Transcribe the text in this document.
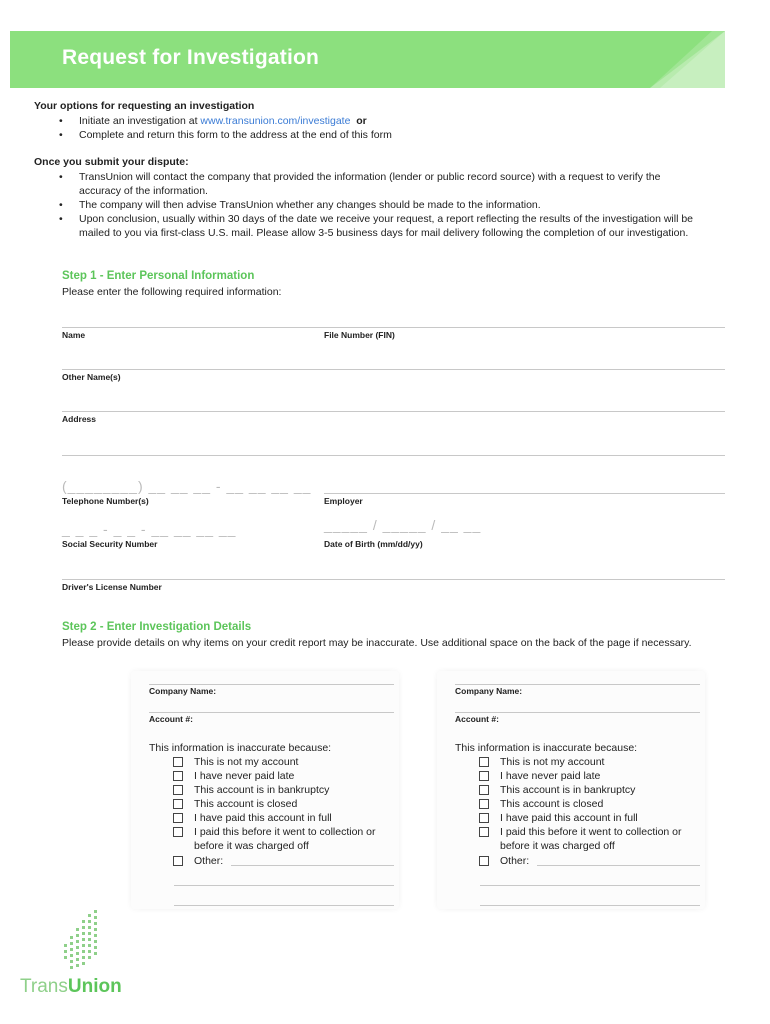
Request for Investigation
Your options for requesting an investigation
• Initiate an investigation at www.transunion.com/investigate or
• Complete and return this form to the address at the end of this form
Once you submit your dispute:
• TransUnion will contact the company that provided the information (lender or public record source) with a request to verify the
accuracy of the information.
• The company will then advise TransUnion whether any changes should be made to the information.
• Upon conclusion, usually within 30 days of the date we receive your request, a report reflecting the results of the investigation will be
mailed to you via first-class U.S. mail. Please allow 3-5 business days for mail delivery following the completion of our investigation.
Step 1 - Enter Personal Information
Please enter the following required information:
Name	File Number (FIN)
Other Name(s)
Address
(________) __ __ __ - __ __ __ __
Telephone Number(s)	Employer
_ _ _ - _ _ - __ __ __ __	_____ / _____ / __ __
Social Security Number	Date of Birth (mm/dd/yy)
Driver's License Number
Step 2 - Enter Investigation Details
Please provide details on why items on your credit report may be inaccurate. Use additional space on the back of the page if necessary.
Company Name:
Account #:
This information is inaccurate because:
This is not my account
I have never paid late
This account is in bankruptcy
This account is closed
I have paid this account in full
I paid this before it went to collection or
before it was charged off
Other:
Company Name:
Account #:
This information is inaccurate because:
This is not my account
I have never paid late
This account is in bankruptcy
This account is closed
I have paid this account in full
I paid this before it went to collection or
before it was charged off
Other:
TransUnion
